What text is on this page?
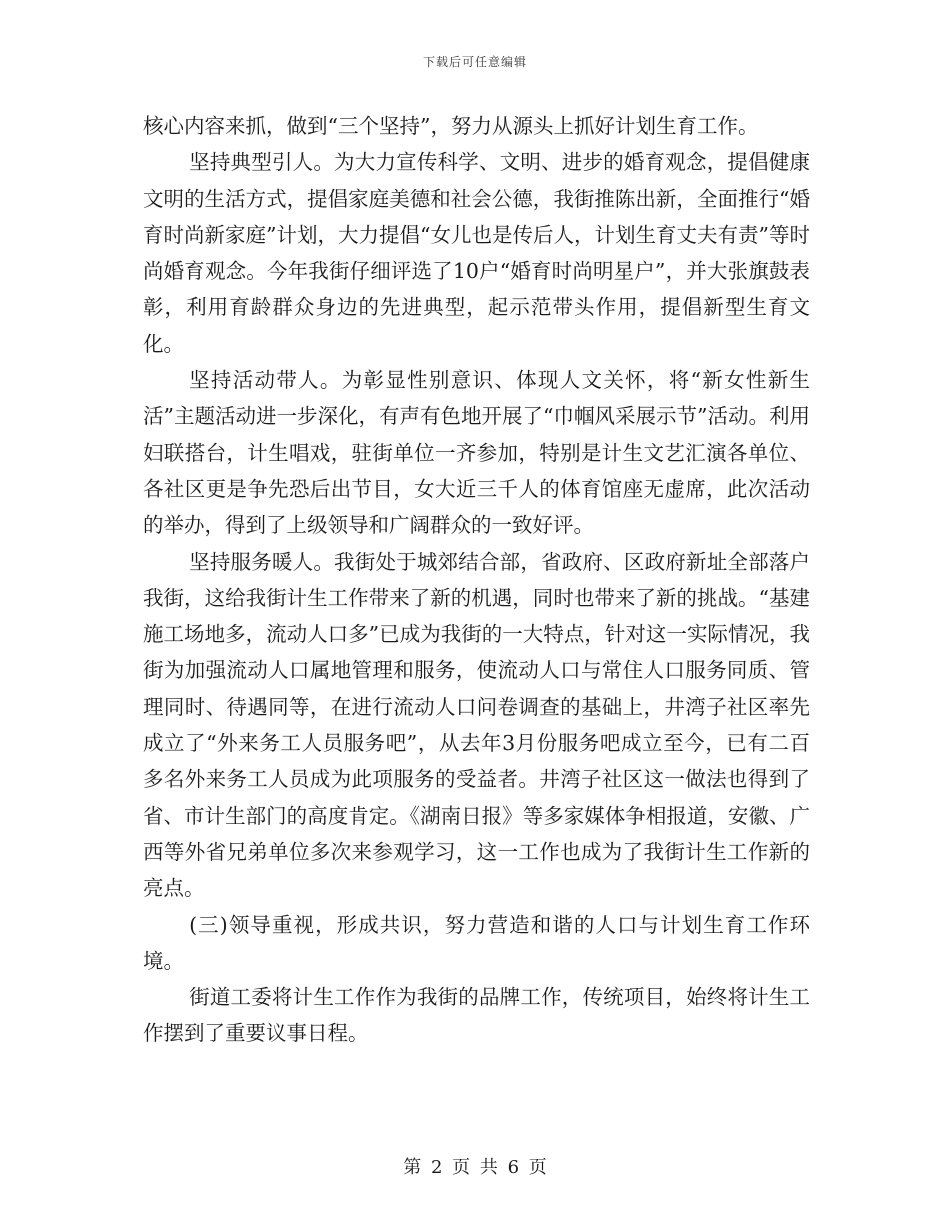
下载后可任意编辑

核心内容来抓，做到“三个坚持”，努力从源头上抓好计划生育工作。

坚持典型引人。为大力宣传科学、文明、进步的婚育观念，提倡健康文明的生活方式，提倡家庭美德和社会公德，我街推陈出新，全面推行“婚育时尚新家庭”计划，大力提倡“女儿也是传后人，计划生育丈夫有责”等时尚婚育观念。今年我街仔细评选了10户“婚育时尚明星户”，并大张旗鼓表彰，利用育龄群众身边的先进典型，起示范带头作用，提倡新型生育文化。

坚持活动带人。为彰显性别意识、体现人文关怀，将“新女性新生活”主题活动进一步深化，有声有色地开展了“巾帼风采展示节”活动。利用妇联搭台，计生唱戏，驻街单位一齐参加，特别是计生文艺汇演各单位、各社区更是争先恐后出节目，女大近三千人的体育馆座无虚席，此次活动的举办，得到了上级领导和广阔群众的一致好评。

坚持服务暖人。我街处于城郊结合部，省政府、区政府新址全部落户我街，这给我街计生工作带来了新的机遇，同时也带来了新的挑战。“基建施工场地多，流动人口多”已成为我街的一大特点，针对这一实际情况，我街为加强流动人口属地管理和服务，使流动人口与常住人口服务同质、管理同时、待遇同等，在进行流动人口问卷调查的基础上，井湾子社区率先成立了“外来务工人员服务吧”，从去年3月份服务吧成立至今，已有二百多名外来务工人员成为此项服务的受益者。井湾子社区这一做法也得到了省、市计生部门的高度肯定。《湖南日报》等多家媒体争相报道，安徽、广西等外省兄弟单位多次来参观学习，这一工作也成为了我街计生工作新的亮点。

(三)领导重视，形成共识，努力营造和谐的人口与计划生育工作环境。

街道工委将计生工作作为我街的品牌工作，传统项目，始终将计生工作摆到了重要议事日程。

第 2 页 共 6 页
